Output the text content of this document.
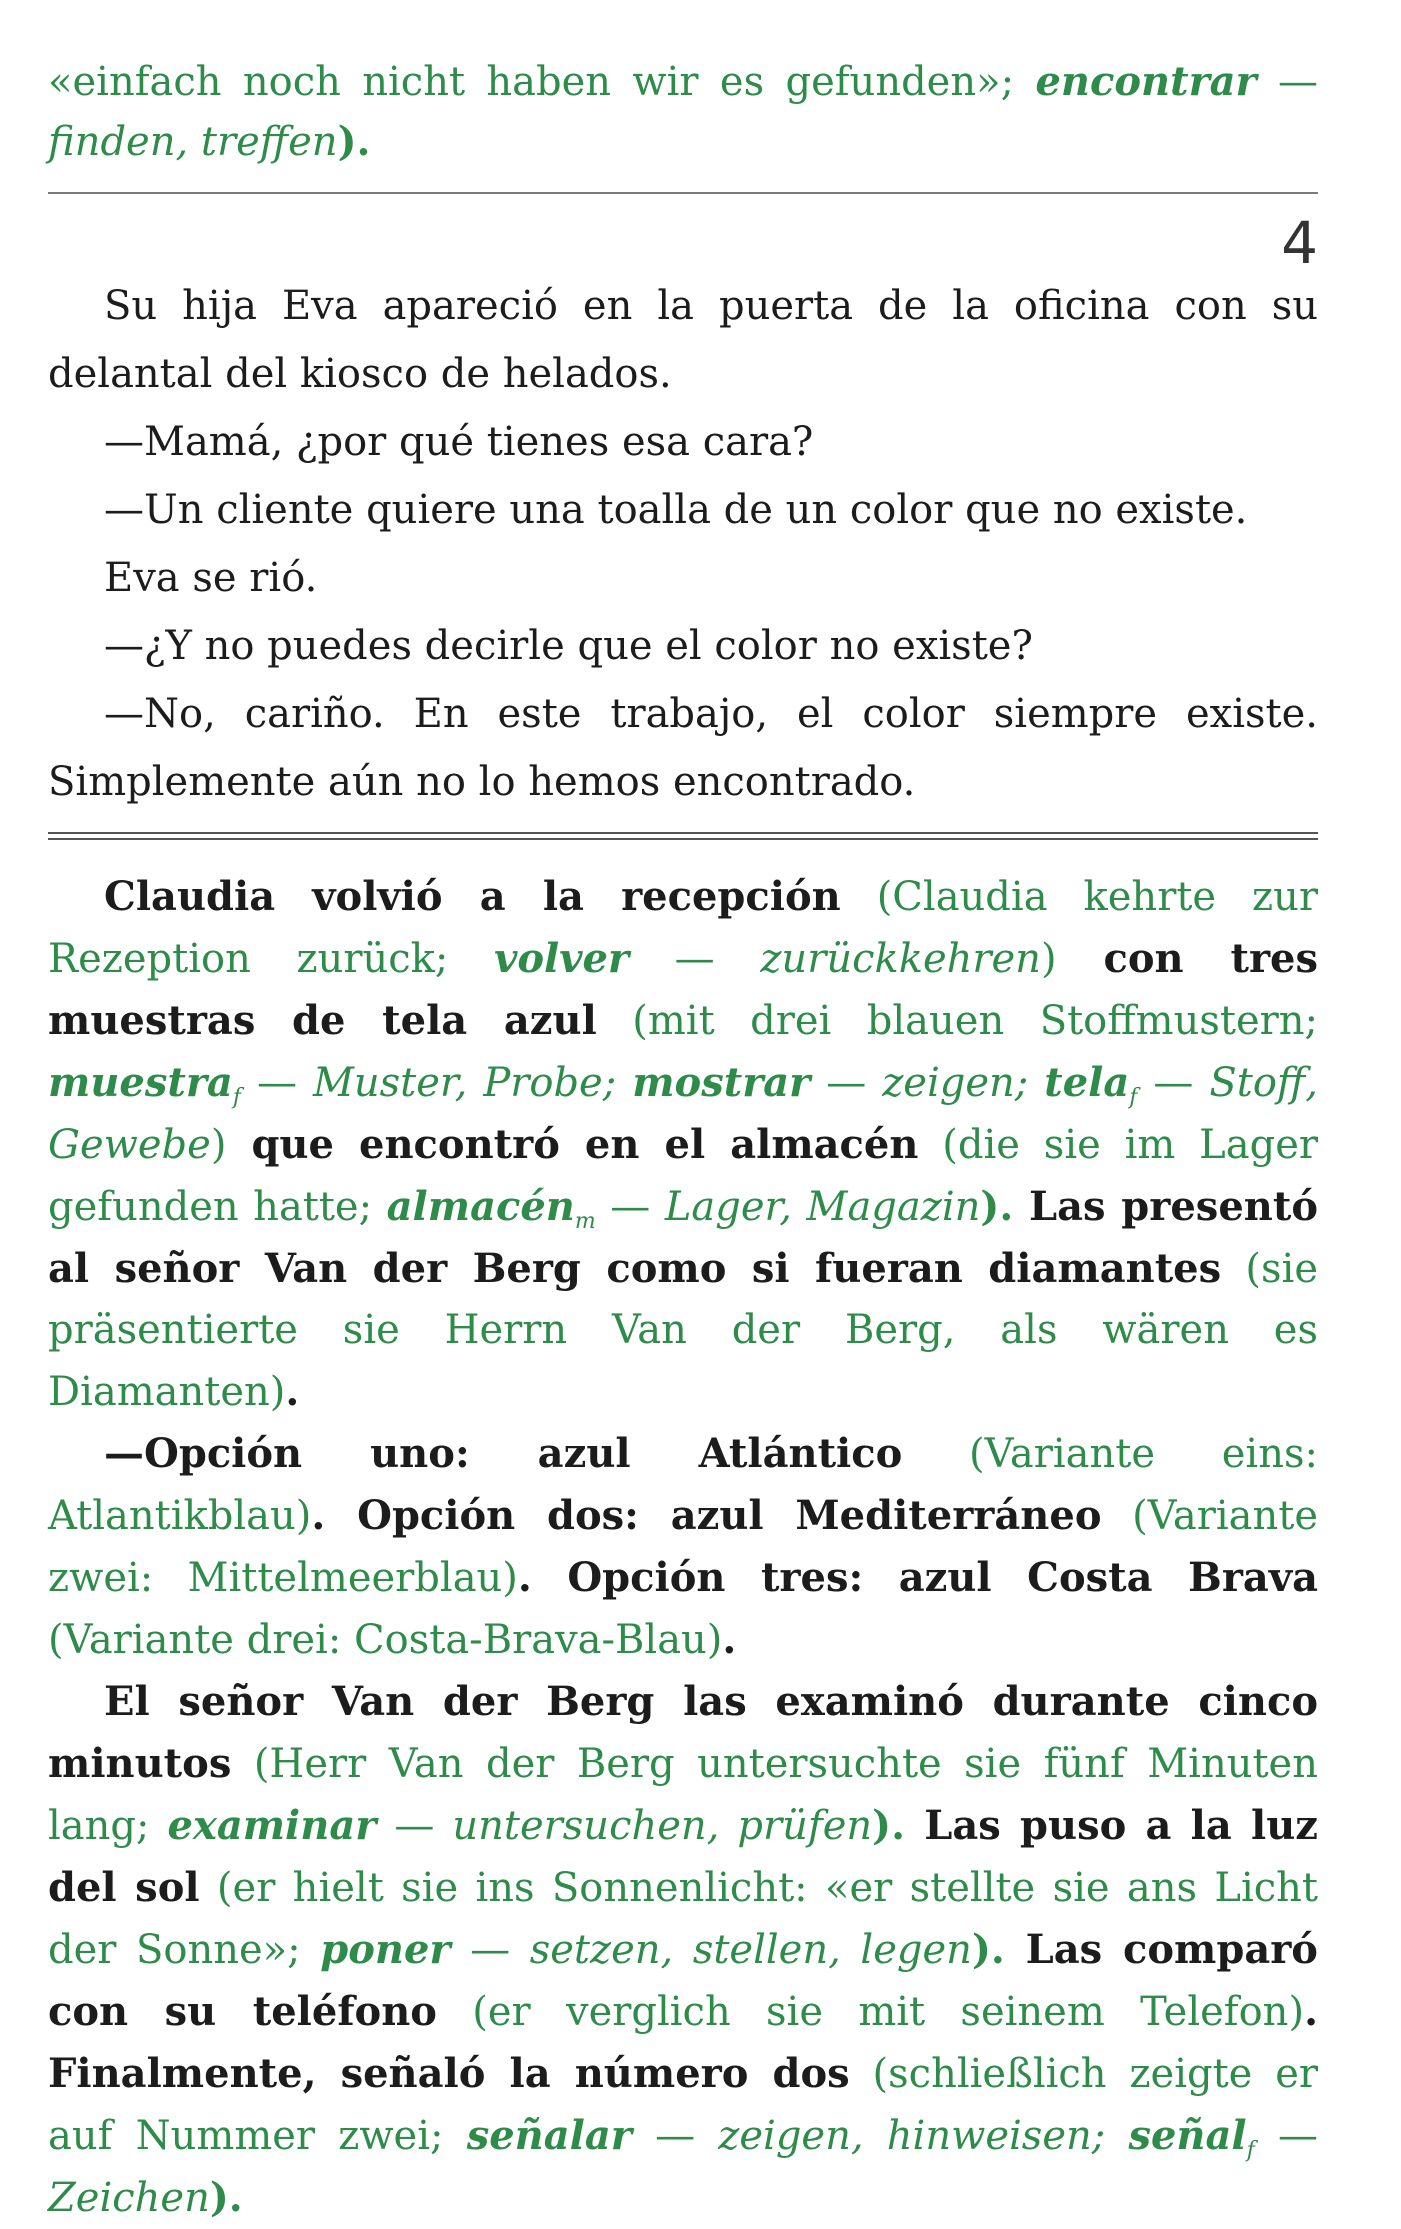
«einfach noch nicht haben wir es gefunden»; encontrar — finden, treffen).

4

Su hija Eva apareció en la puerta de la oficina con su delantal del kiosco de helados.

—Mamá, ¿por qué tienes esa cara?

—Un cliente quiere una toalla de un color que no existe.

Eva se rió.

—¿Y no puedes decirle que el color no existe?

—No, cariño. En este trabajo, el color siempre existe. Simplemente aún no lo hemos encontrado.

Claudia volvió a la recepción (Claudia kehrte zur Rezeption zurück; volver — zurückkehren) con tres muestras de tela azul (mit drei blauen Stoffmustern; muestra$_f$ — Muster, Probe; mostrar — zeigen; tela$_f$ — Stoff, Gewebe) que encontró en el almacén (die sie im Lager gefunden hatte; almacén$_m$ — Lager, Magazin). Las presentó al señor Van der Berg como si fueran diamantes (sie präsentierte sie Herrn Van der Berg, als wären es Diamanten).

—Opción uno: azul Atlántico (Variante eins: Atlantikblau). Opción dos: azul Mediterráneo (Variante zwei: Mittelmeerblau). Opción tres: azul Costa Brava (Variante drei: Costa-Brava-Blau).

El señor Van der Berg las examinó durante cinco minutos (Herr Van der Berg untersuchte sie fünf Minuten lang; examinar — untersuchen, prüfen). Las puso a la luz del sol (er hielt sie ins Sonnenlicht: «er stellte sie ans Licht der Sonne»; poner — setzen, stellen, legen). Las comparó con su teléfono (er verglich sie mit seinem Telefon). Finalmente, señaló la número dos (schließlich zeigte er auf Nummer zwei; señalar — zeigen, hinweisen; señal$_f$ — Zeichen).
